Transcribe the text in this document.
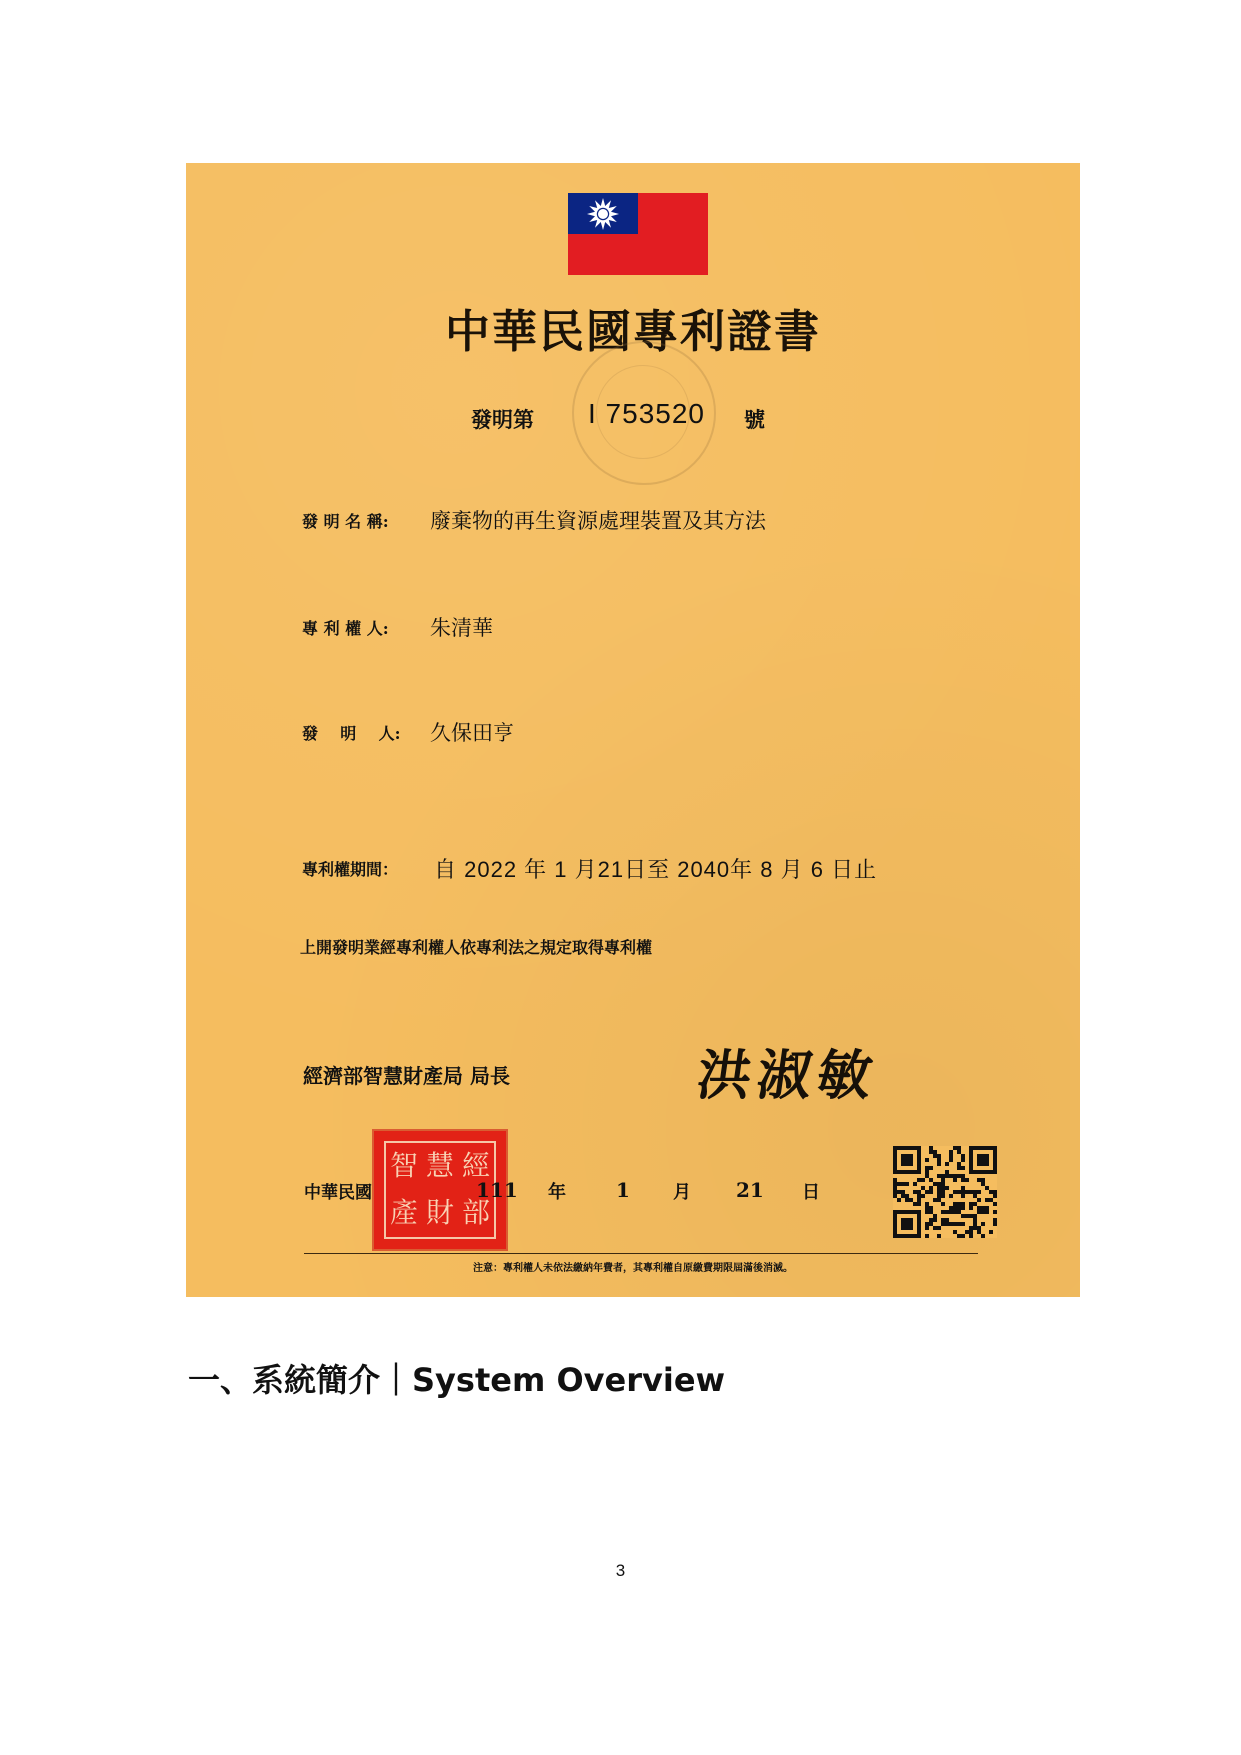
中華民國專利證書
發明第 I 753520 號
發 明 名 稱: 廢棄物的再生資源處理裝置及其方法
專 利 權 人: 朱清華
發    明    人: 久保田亨
專利權期間： 自 2022 年 1 月21日至 2040年 8 月 6 日止
上開發明業經專利權人依專利法之規定取得專利權
經濟部智慧財產局 局長	洪淑敏
智 慧 經
產 財 部
中華民國	111 年	1 月 21 日
注意：專利權人未依法繳納年費者，其專利權自原繳費期限屆滿後消滅。
一、系統簡介｜System Overview
3
